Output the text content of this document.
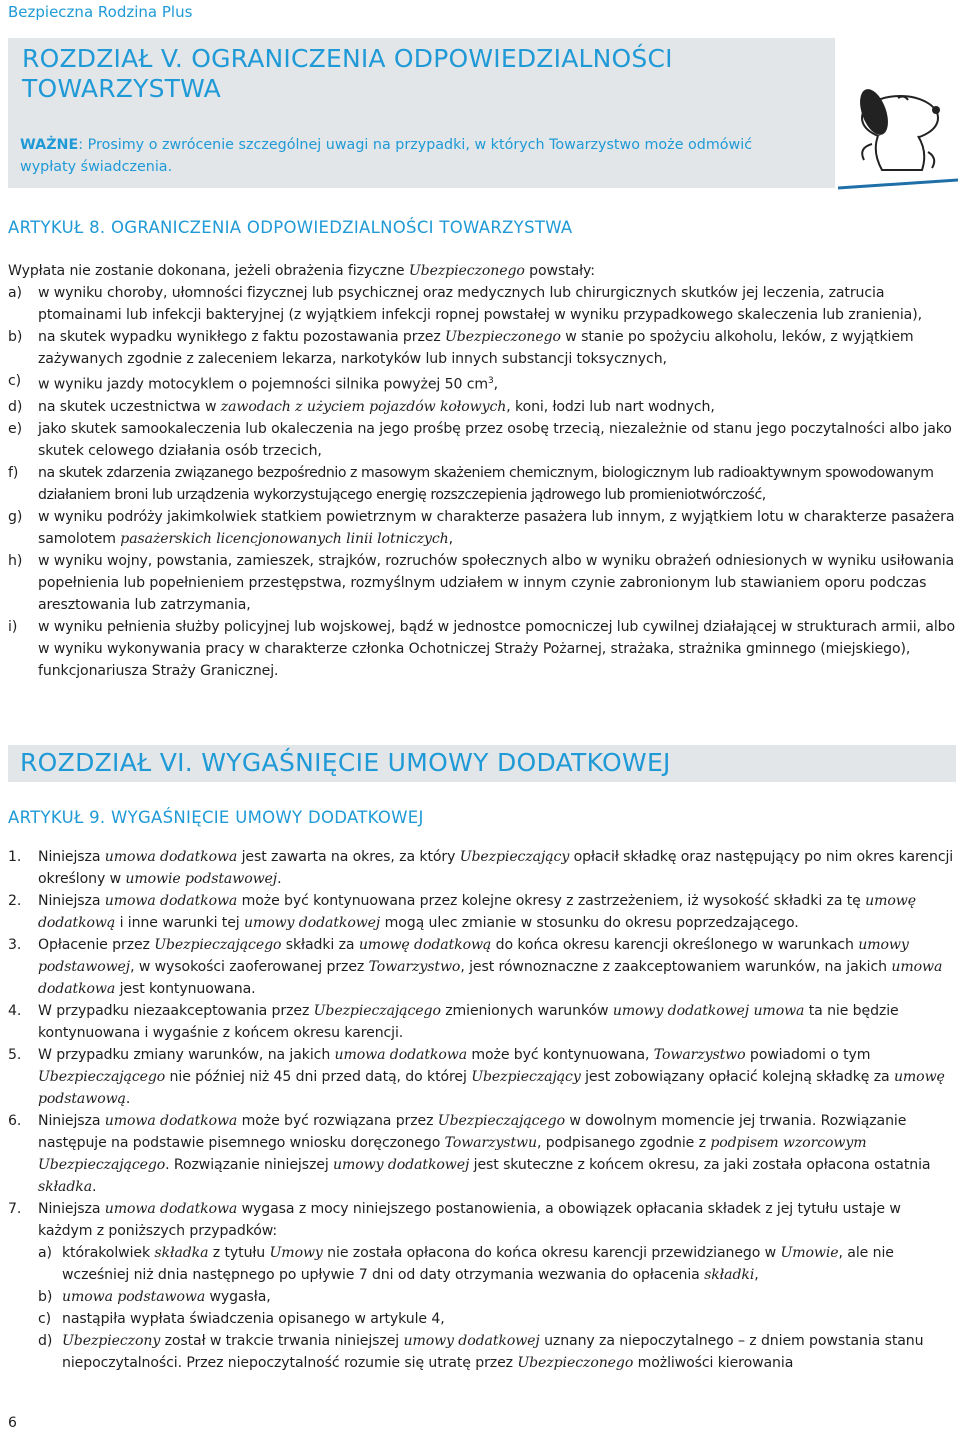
Bezpieczna Rodzina Plus
ROZDZIAŁ V. OGRANICZENIA ODPOWIEDZIALNOŚCI TOWARZYSTWA
WAŻNE: Prosimy o zwrócenie szczególnej uwagi na przypadki, w których Towarzystwo może odmówić wypłaty świadczenia.
ARTYKUŁ 8. OGRANICZENIA ODPOWIEDZIALNOŚCI TOWARZYSTWA
Wypłata nie zostanie dokonana, jeżeli obrażenia fizyczne Ubezpieczonego powstały:
a) w wyniku choroby, ułomności fizycznej lub psychicznej oraz medycznych lub chirurgicznych skutków jej leczenia, zatrucia ptomainami lub infekcji bakteryjnej (z wyjątkiem infekcji ropnej powstałej w wyniku przypadkowego skaleczenia lub zranienia),
b) na skutek wypadku wynikłego z faktu pozostawania przez Ubezpieczonego w stanie po spożyciu alkoholu, leków, z wyjątkiem zażywanych zgodnie z zaleceniem lekarza, narkotyków lub innych substancji toksycznych,
c) w wyniku jazdy motocyklem o pojemności silnika powyżej 50 $cm^3$,
d) na skutek uczestnictwa w zawodach z użyciem pojazdów kołowych, koni, łodzi lub nart wodnych,
e) jako skutek samookaleczenia lub okaleczenia na jego prośbę przez osobę trzecią, niezależnie od stanu jego poczytalności albo jako skutek celowego działania osób trzecich,
f) na skutek zdarzenia związanego bezpośrednio z masowym skażeniem chemicznym, biologicznym lub radioaktywnym spowodowanym działaniem broni lub urządzenia wykorzystującego energię rozszczepienia jądrowego lub promieniotwórczość,
g) w wyniku podróży jakimkolwiek statkiem powietrznym w charakterze pasażera lub innym, z wyjątkiem lotu w charakterze pasażera samolotem pasażerskich licencjonowanych linii lotniczych,
h) w wyniku wojny, powstania, zamieszek, strajków, rozruchów społecznych albo w wyniku obrażeń odniesionych w wyniku usiłowania popełnienia lub popełnieniem przestępstwa, rozmyślnym udziałem w innym czynie zabronionym lub stawianiem oporu podczas aresztowania lub zatrzymania,
i) w wyniku pełnienia służby policyjnej lub wojskowej, bądź w jednostce pomocniczej lub cywilnej działającej w strukturach armii, albo w wyniku wykonywania pracy w charakterze członka Ochotniczej Straży Pożarnej, strażaka, strażnika gminnego (miejskiego), funkcjonariusza Straży Granicznej.
ROZDZIAŁ VI. WYGAŚNIĘCIE UMOWY DODATKOWEJ
ARTYKUŁ 9. WYGAŚNIĘCIE UMOWY DODATKOWEJ
1. Niniejsza umowa dodatkowa jest zawarta na okres, za który Ubezpieczający opłacił składkę oraz następujący po nim okres karencji określony w umowie podstawowej.
2. Niniejsza umowa dodatkowa może być kontynuowana przez kolejne okresy z zastrzeżeniem, iż wysokość składki za tę umowę dodatkową i inne warunki tej umowy dodatkowej mogą ulec zmianie w stosunku do okresu poprzedzającego.
3. Opłacenie przez Ubezpieczającego składki za umowę dodatkową do końca okresu karencji określonego w warunkach umowy podstawowej, w wysokości zaoferowanej przez Towarzystwo, jest równoznaczne z zaakceptowaniem warunków, na jakich umowa dodatkowa jest kontynuowana.
4. W przypadku niezaakceptowania przez Ubezpieczającego zmienionych warunków umowy dodatkowej umowa ta nie będzie kontynuowana i wygaśnie z końcem okresu karencji.
5. W przypadku zmiany warunków, na jakich umowa dodatkowa może być kontynuowana, Towarzystwo powiadomi o tym Ubezpieczającego nie później niż 45 dni przed datą, do której Ubezpieczający jest zobowiązany opłacić kolejną składkę za umowę podstawową.
6. Niniejsza umowa dodatkowa może być rozwiązana przez Ubezpieczającego w dowolnym momencie jej trwania. Rozwiązanie następuje na podstawie pisemnego wniosku doręczonego Towarzystwu, podpisanego zgodnie z podpisem wzorcowym Ubezpieczającego. Rozwiązanie niniejszej umowy dodatkowej jest skuteczne z końcem okresu, za jaki została opłacona ostatnia składka.
7. Niniejsza umowa dodatkowa wygasa z mocy niniejszego postanowienia, a obowiązek opłacania składek z jej tytułu ustaje w każdym z poniższych przypadków:
a) którakolwiek składka z tytułu Umowy nie została opłacona do końca okresu karencji przewidzianego w Umowie, ale nie wcześniej niż dnia następnego po upływie 7 dni od daty otrzymania wezwania do opłacenia składki,
b) umowa podstawowa wygasła,
c) nastąpiła wypłata świadczenia opisanego w artykule 4,
d) Ubezpieczony został w trakcie trwania niniejszej umowy dodatkowej uznany za niepoczytalnego – z dniem powstania stanu niepoczytalności. Przez niepoczytalność rozumie się utratę przez Ubezpieczonego możliwości kierowania
6
